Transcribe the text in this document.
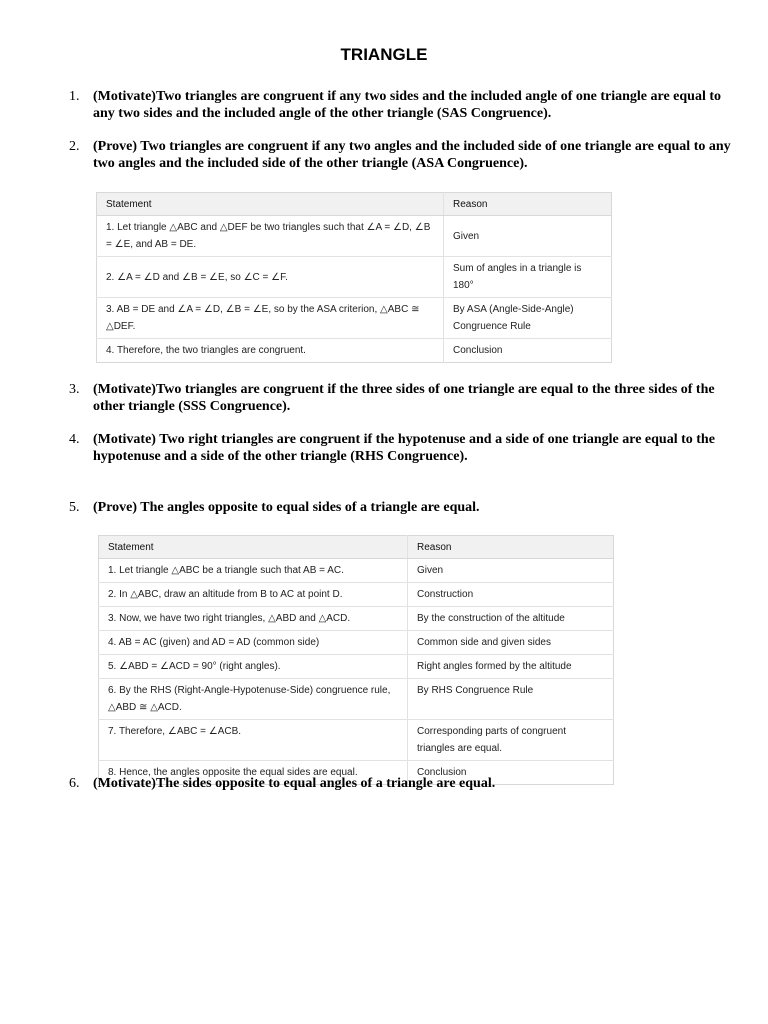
TRIANGLE
1. (Motivate)Two triangles are congruent if any two sides and the included angle of one triangle are equal to any two sides and the included angle of the other triangle (SAS Congruence).
2. (Prove) Two triangles are congruent if any two angles and the included side of one triangle are equal to any two angles and the included side of the other triangle (ASA Congruence).
Statement	Reason
1. Let triangle △ABC and △DEF be two triangles such that ∠A = ∠D, ∠B = ∠E, and AB = DE.	Given
2. ∠A = ∠D and ∠B = ∠E, so ∠C = ∠F.	Sum of angles in a triangle is 180°
3. AB = DE and ∠A = ∠D, ∠B = ∠E, so by the ASA criterion, △ABC ≅ △DEF.	By ASA (Angle-Side-Angle) Congruence Rule
4. Therefore, the two triangles are congruent.	Conclusion
3. (Motivate)Two triangles are congruent if the three sides of one triangle are equal to the three sides of the other triangle (SSS Congruence).
4. (Motivate) Two right triangles are congruent if the hypotenuse and a side of one triangle are equal to the hypotenuse and a side of the other triangle (RHS Congruence).
5. (Prove) The angles opposite to equal sides of a triangle are equal.
Statement	Reason
1. Let triangle △ABC be a triangle such that AB = AC.	Given
2. In △ABC, draw an altitude from B to AC at point D.	Construction
3. Now, we have two right triangles, △ABD and △ACD.	By the construction of the altitude
4. AB = AC (given) and AD = AD (common side)	Common side and given sides
5. ∠ABD = ∠ACD = 90° (right angles).	Right angles formed by the altitude
6. By the RHS (Right-Angle-Hypotenuse-Side) congruence rule, △ABD ≅ △ACD.	By RHS Congruence Rule
7. Therefore, ∠ABC = ∠ACB.	Corresponding parts of congruent triangles are equal.
8. Hence, the angles opposite the equal sides are equal.	Conclusion
6. (Motivate)The sides opposite to equal angles of a triangle are equal.
